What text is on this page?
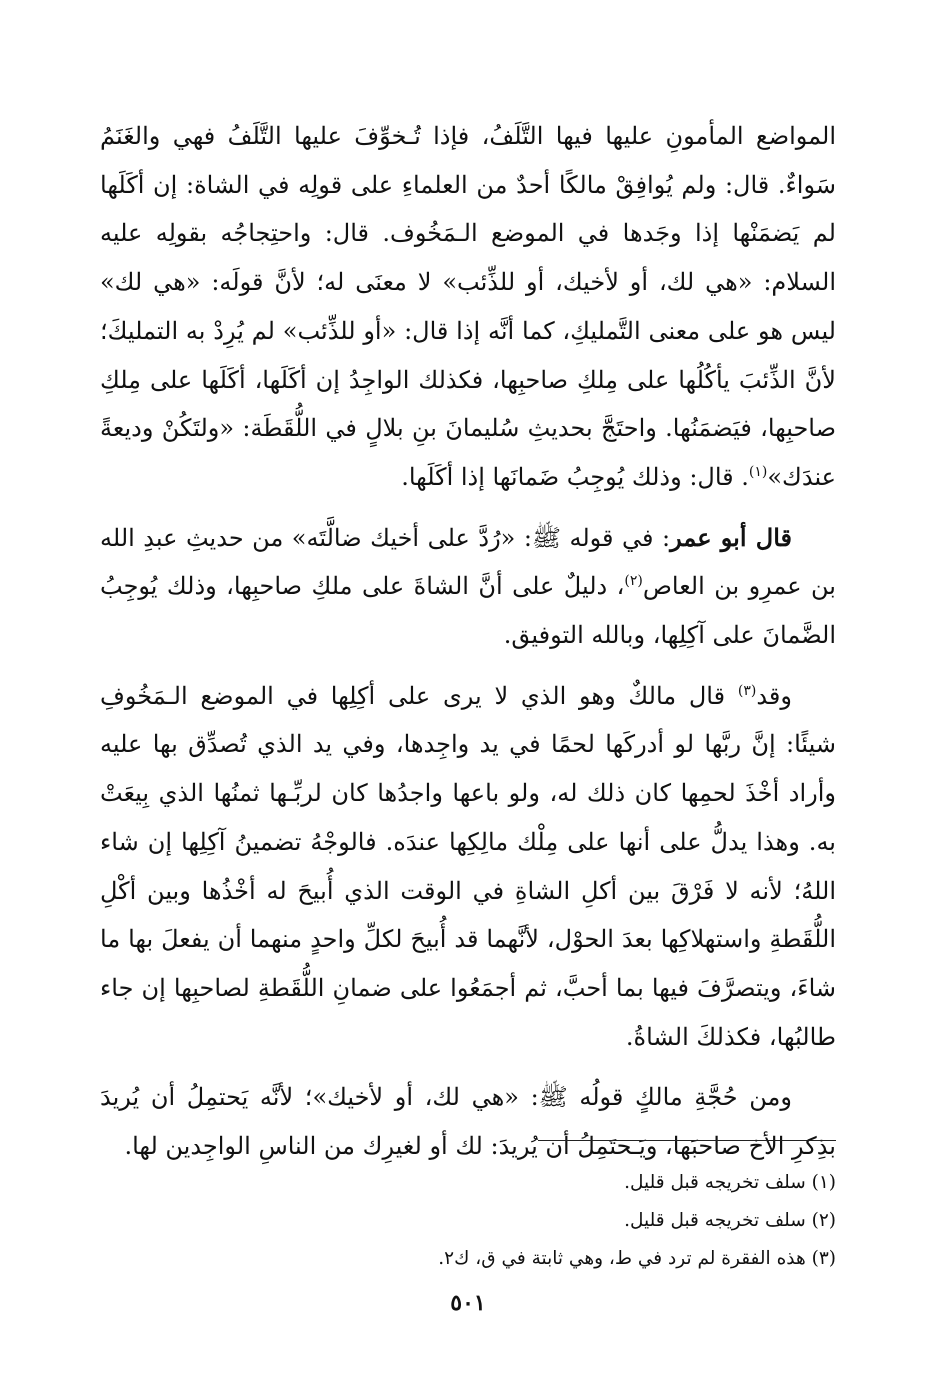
المواضع المأمونِ عليها فيها التَّلَفُ، فإذا تُـخوِّفَ عليها التَّلَفُ فهي والغَنَمُ سَواءٌ. قال: ولم يُوافِقْ مالكًا أحدٌ من العلماءِ على قولِه في الشاة: إن أكَلَها لم يَضمَنْها إذا وجَدها في الموضع الـمَخُوف. قال: واحتِجاجُه بقولِه عليه السلام: «هي لك، أو لأخيك، أو للذِّئب» لا معنَى له؛ لأنَّ قولَه: «هي لك» ليس هو على معنى التَّمليكِ، كما أنَّه إذا قال: «أو للذِّئب» لم يُرِدْ به التمليكَ؛ لأنَّ الذِّئبَ يأكُلُها على مِلكِ صاحبِها، فكذلك الواجِدُ إن أكَلَها، أكَلَها على مِلكِ صاحبِها، فيَضمَنُها. واحتَجَّ بحديثِ سُليمانَ بنِ بلالٍ في اللُّقَطَة: «ولتَكُنْ وديعةً عندَك»$^{(١)}$. قال: وذلك يُوجِبُ ضَمانَها إذا أكَلَها.

قال أبو عمر: في قوله ﷺ: «رُدَّ على أخيك ضالَّتَه» من حديثِ عبدِ الله بن عمرِو بن العاص$^{(٢)}$، دليلٌ على أنَّ الشاةَ على ملكِ صاحبِها، وذلك يُوجِبُ الضَّمانَ على آكِلِها، وبالله التوفيق.

وقد$^{(٣)}$ قال مالكٌ وهو الذي لا يرى على أكِلِها في الموضع الـمَخُوفِ شيئًا: إنَّ ربَّها لو أدركَها لحمًا في يد واجِدها، وفي يد الذي تُصدِّق بها عليه وأراد أخْذَ لحمِها كان ذلك له، ولو باعها واجدُها كان لربِّـها ثمنُها الذي بِيعَتْ به. وهذا يدلُّ على أنها على مِلْك مالِكِها عندَه. فالوجْهُ تضمينُ آكِلِها إن شاء اللهُ؛ لأنه لا فَرْقَ بين أكلِ الشاةِ في الوقت الذي أُبيحَ له أخْذُها وبين أكْلِ اللُّقَطةِ واستهلاكِها بعدَ الحوْل، لأنَّهما قد أُبيحَ لكلِّ واحدٍ منهما أن يفعلَ بها ما شاءَ، ويتصرَّفَ فيها بما أحبَّ، ثم أجمَعُوا على ضمانِ اللُّقَطةِ لصاحبِها إن جاء طالبُها، فكذلكَ الشاةُ.

ومن حُجَّةِ مالكٍ قولُه ﷺ: «هي لك، أو لأخيك»؛ لأنَّه يَحتمِلُ أن يُريدَ بذِكرِ الأخ صاحبَها، ويَـحتَمِلُ أن يُريدَ: لك أو لغيرِك من الناسِ الواجِدين لها.

(١) سلف تخريجه قبل قليل.

(٢) سلف تخريجه قبل قليل.

(٣) هذه الفقرة لم ترد في ط، وهي ثابتة في ق، ك٢.

٥٠١
